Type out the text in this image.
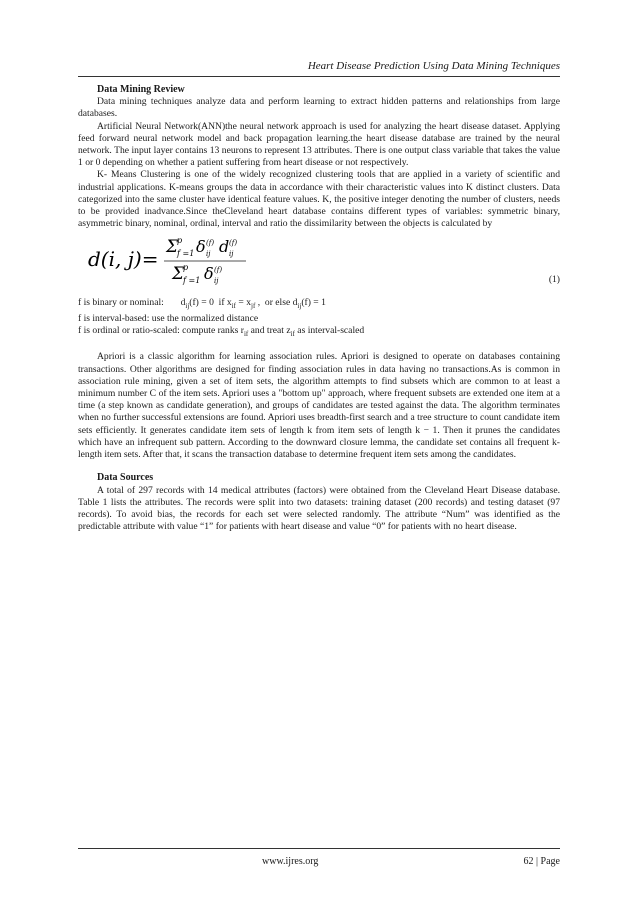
Heart Disease Prediction Using Data Mining Techniques

Data Mining Review

Data mining techniques analyze data and perform learning to extract hidden patterns and relationships from large databases.

Artificial Neural Network(ANN)the neural network approach is used for analyzing the heart disease dataset. Applying feed forward neural network model and back propagation learning.the heart disease database are trained by the neural network. The input layer contains 13 neurons to represent 13 attributes. There is one output class variable that takes the value 1 or 0 depending on whether a patient suffering from heart disease or not respectively.

K- Means Clustering is one of the widely recognized clustering tools that are applied in a variety of scientific and industrial applications. K-means groups the data in accordance with their characteristic values into K distinct clusters. Data categorized into the same cluster have identical feature values. K, the positive integer denoting the number of clusters, needs to be provided inadvance.Since theCleveland heart database contains different types of variables: symmetric binary, asymmetric binary, nominal, ordinal, interval and ratio the dissimilarity between the objects is calculated by

d(i, j)= Σ
p
f =1 δ (f)
ij d (f)
ij
Σ
p
f =1 δ (f)
ij	(1)

f is binary or nominal:       $d_{ij}(f) = 0$  if $x_{if} = x_{jf}$ ,  or else $d_{ij}(f) = 1$

f is interval-based: use the normalized distance

f is ordinal or ratio-scaled: compute ranks $r_{if}$ and treat $z_{if}$ as interval-scaled

Apriori is a classic algorithm for learning association rules. Apriori is designed to operate on databases containing transactions. Other algorithms are designed for finding association rules in data having no transactions.As is common in association rule mining, given a set of item sets, the algorithm attempts to find subsets which are common to at least a minimum number C of the item sets. Apriori uses a "bottom up" approach, where frequent subsets are extended one item at a time (a step known as candidate generation), and groups of candidates are tested against the data. The algorithm terminates when no further successful extensions are found. Apriori uses breadth-first search and a tree structure to count candidate item sets efficiently. It generates candidate item sets of length k from item sets of length k − 1. Then it prunes the candidates which have an infrequent sub pattern. According to the downward closure lemma, the candidate set contains all frequent k-length item sets. After that, it scans the transaction database to determine frequent item sets among the candidates.

Data Sources

A total of 297 records with 14 medical attributes (factors) were obtained from the Cleveland Heart Disease database. Table 1 lists the attributes. The records were split into two datasets: training dataset (200 records) and testing dataset (97 records). To avoid bias, the records for each set were selected randomly. The attribute “Num” was identified as the predictable attribute with value “1” for patients with heart disease and value “0” for patients with no heart disease.

www.ijres.org	62 | Page
